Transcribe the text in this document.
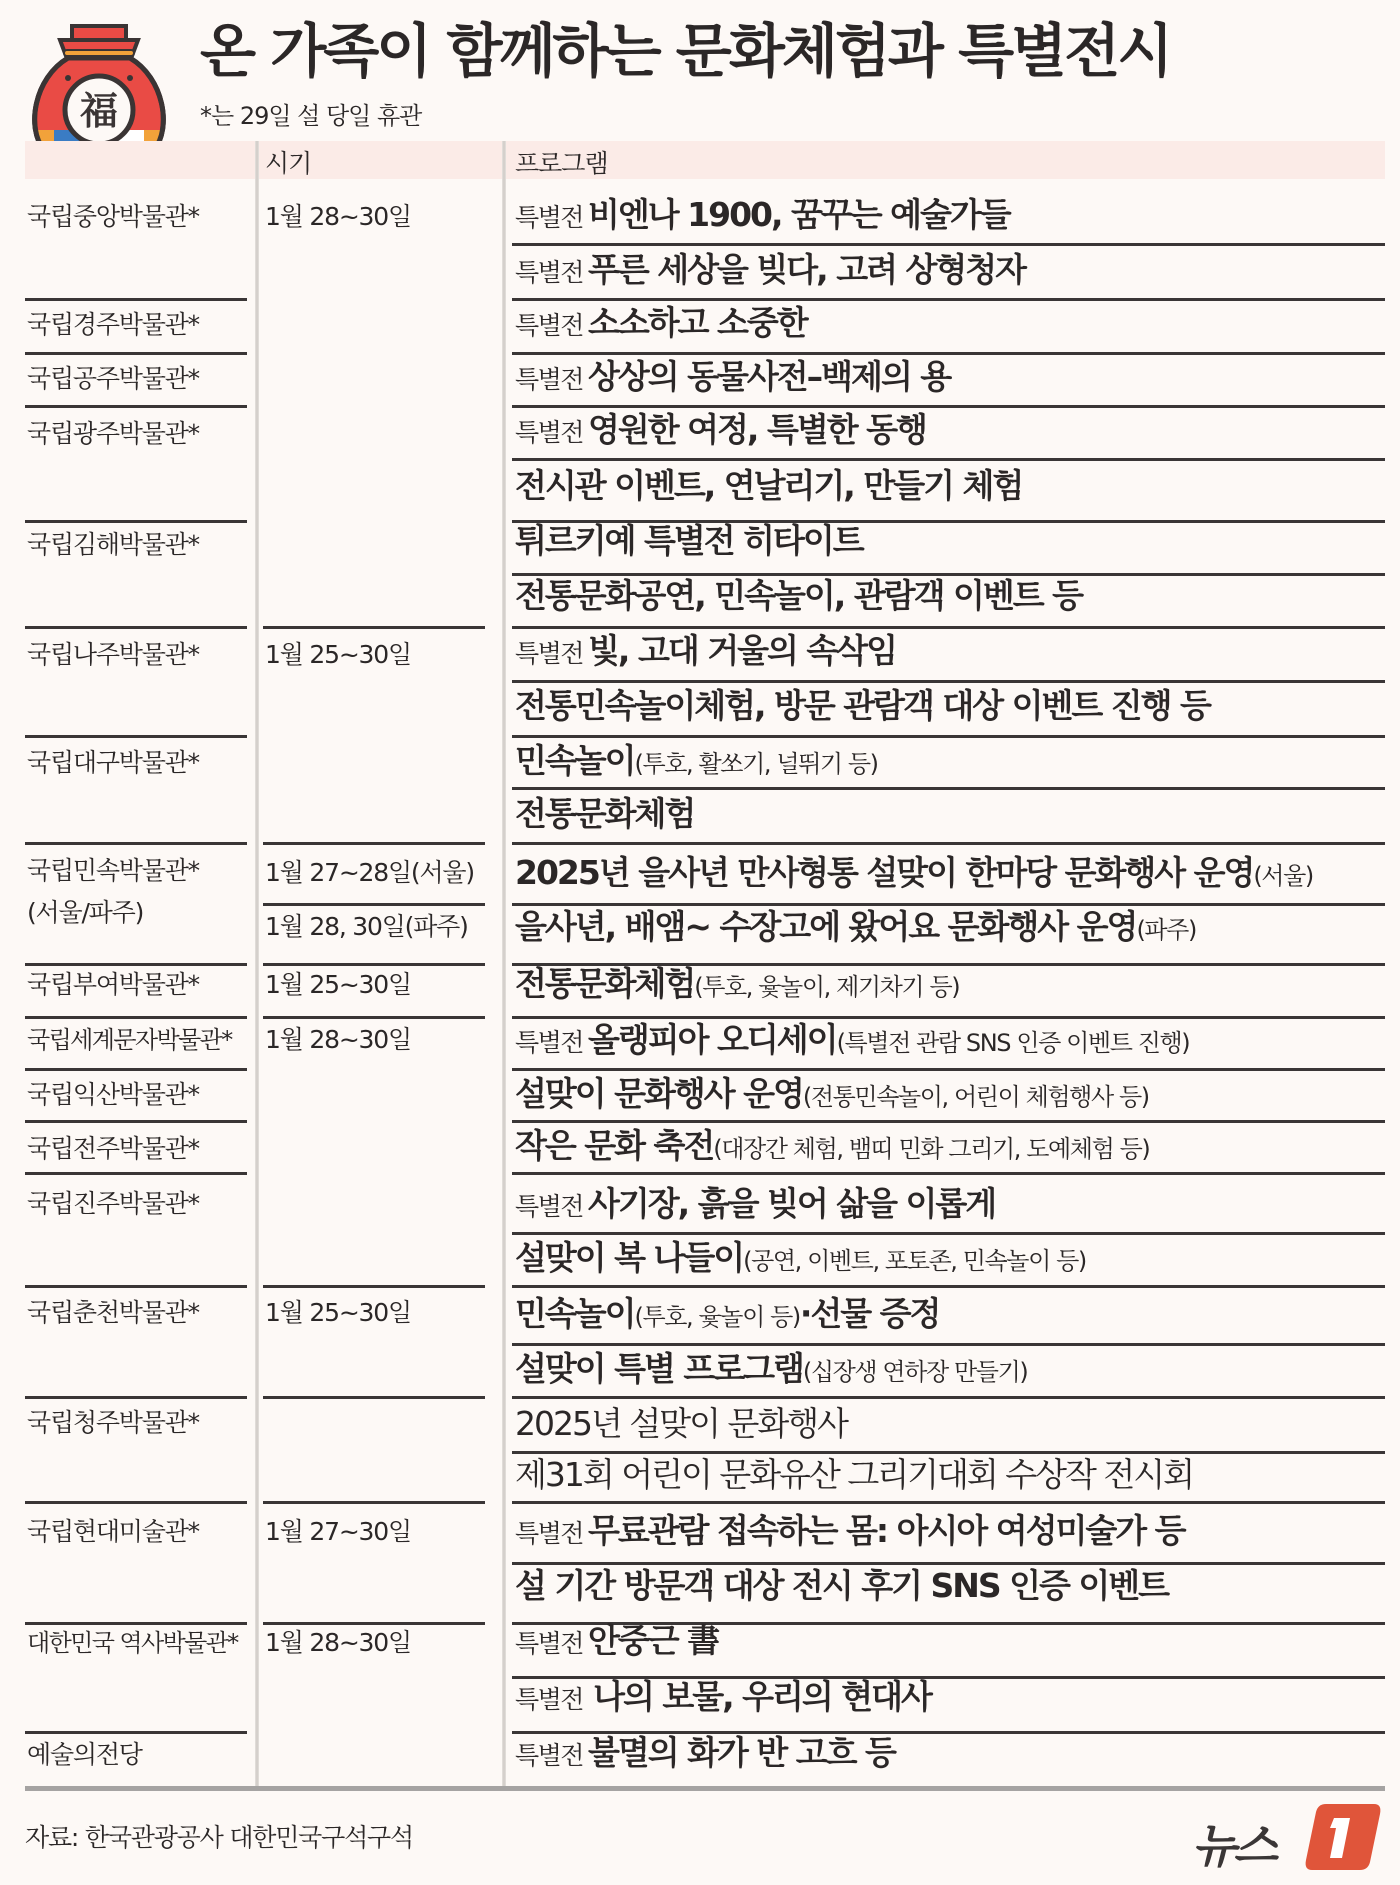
福
온 가족이 함께하는 문화체험과 특별전시
*는 29일 설 당일 휴관
시기	프로그램
국립중앙박물관*
국립경주박물관*
국립공주박물관*
국립광주박물관*
국립김해박물관*
국립나주박물관*
국립대구박물관*
국립민속박물관*
(서울/파주)
국립부여박물관*
국립세계문자박물관*
국립익산박물관*
국립전주박물관*
국립진주박물관*
국립춘천박물관*
국립청주박물관*
국립현대미술관*
대한민국 역사박물관*
예술의전당
1월 28~30일
1월 25~30일
1월 27~28일(서울)
1월 28, 30일(파주)
1월 25~30일
1월 28~30일
1월 25~30일
1월 27~30일
1월 28~30일
특별전 비엔나 1900, 꿈꾸는 예술가들
특별전 푸른 세상을 빚다, 고려 상형청자
특별전 소소하고 소중한
특별전 상상의 동물사전–백제의 용
특별전 영원한 여정, 특별한 동행
전시관 이벤트, 연날리기, 만들기 체험
튀르키예 특별전 히타이트
전통문화공연, 민속놀이, 관람객 이벤트 등
특별전 빛, 고대 거울의 속삭임
전통민속놀이체험, 방문 관람객 대상 이벤트 진행 등
민속놀이(투호, 활쏘기, 널뛰기 등)
전통문화체험
2025년 을사년 만사형통 설맞이 한마당 문화행사 운영(서울)
을사년, 배앰~ 수장고에 왔어요 문화행사 운영(파주)
전통문화체험(투호, 윷놀이, 제기차기 등)
특별전 올랭피아 오디세이(특별전 관람 SNS 인증 이벤트 진행)
설맞이 문화행사 운영(전통민속놀이, 어린이 체험행사 등)
작은 문화 축전(대장간 체험, 뱀띠 민화 그리기, 도예체험 등)
특별전 사기장, 흙을 빚어 삶을 이롭게
설맞이 복 나들이(공연, 이벤트, 포토존, 민속놀이 등)
민속놀이(투호, 윷놀이 등)·선물 증정
설맞이 특별 프로그램(십장생 연하장 만들기)
2025년 설맞이 문화행사
제31회 어린이 문화유산 그리기대회 수상작 전시회
특별전 무료관람 접속하는 몸: 아시아 여성미술가 등
설 기간 방문객 대상 전시 후기 SNS 인증 이벤트
특별전 안중근 書
특별전 나의 보물, 우리의 현대사
특별전 불멸의 화가 반 고흐 등
자료: 한국관광공사 대한민국구석구석	뉴스
